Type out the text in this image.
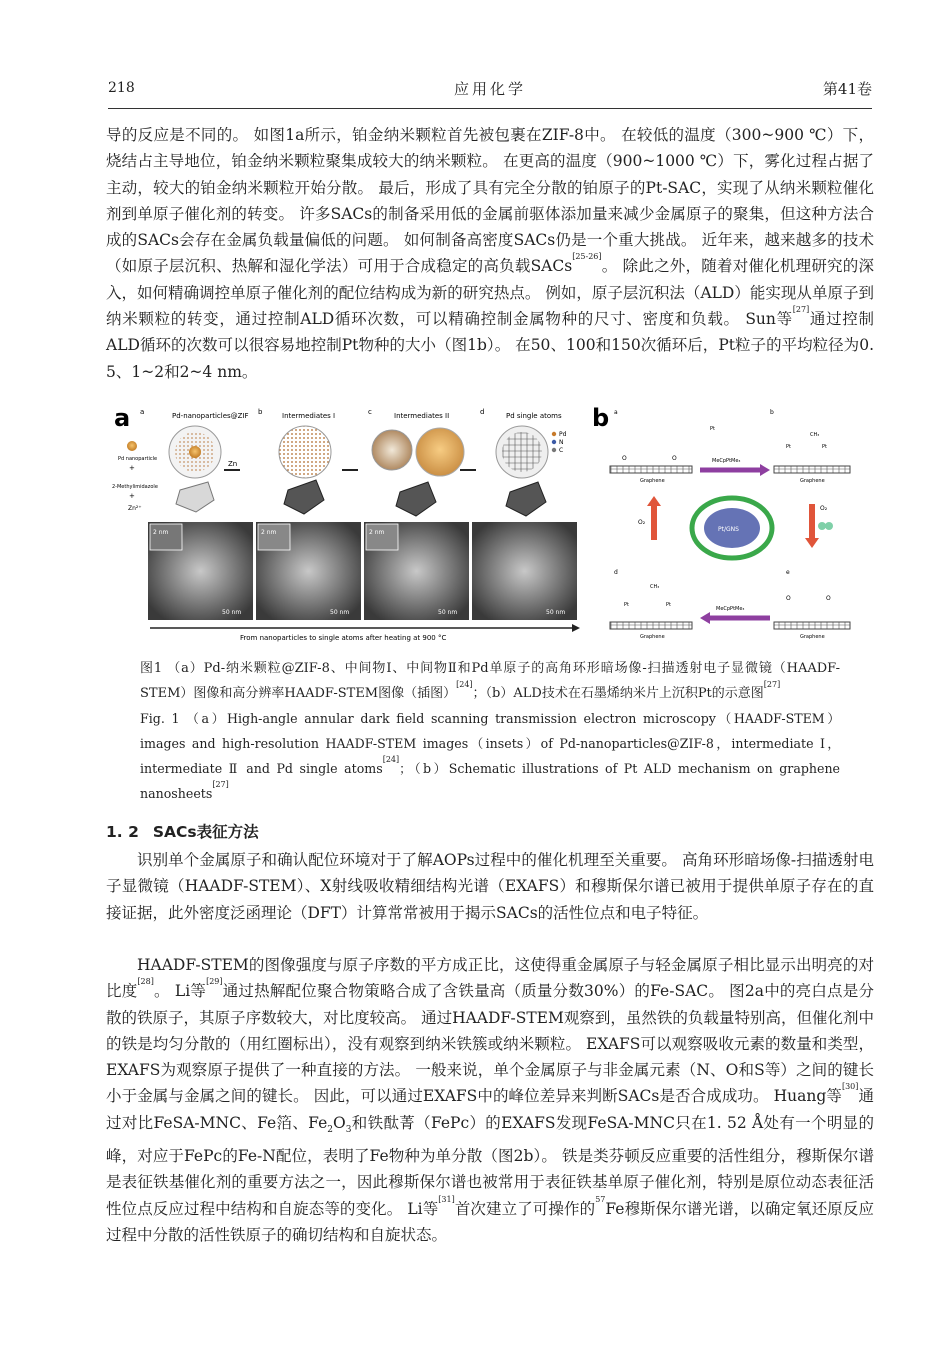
218	应用化学	第41卷

导的反应是不同的。 如图1a所示，铂金纳米颗粒首先被包裹在ZIF-8中。 在较低的温度（300~900 ℃）下，烧结占主导地位，铂金纳米颗粒聚集成较大的纳米颗粒。 在更高的温度（900~1000 ℃）下，雾化过程占据了主动，较大的铂金纳米颗粒开始分散。 最后，形成了具有完全分散的铂原子的Pt-SAC，实现了从纳米颗粒催化剂到单原子催化剂的转变。 许多SACs的制备采用低的金属前驱体添加量来减少金属原子的聚集，但这种方法合成的SACs会存在金属负载量偏低的问题。 如何制备高密度SACs仍是一个重大挑战。 近年来，越来越多的技术（如原子层沉积、热解和湿化学法）可用于合成稳定的高负载SACs[25-26]。 除此之外，随着对催化机理研究的深入，如何精确调控单原子催化剂的配位结构成为新的研究热点。 例如，原子层沉积法（ALD）能实现从单原子到纳米颗粒的转变，通过控制ALD循环次数，可以精确控制金属物种的尺寸、密度和负载。 Sun等[27]通过控制ALD循环的次数可以很容易地控制Pt物种的大小（图1b）。 在50、100和150次循环后，Pt粒子的平均粒径为0. 5、1~2和2~4 nm。

a a	Pd-nanoparticles@ZIF b	Intermediates I	c	Intermediates II	d	Pd single atoms
Pd nanoparticle
+
2-Methylimidazole
+
Zn²⁺
Zn
Pd
N
C
2 nm
50 nm
2 nm
50 nm
2 nm
50 nm	50 nm
From nanoparticles to single atoms after heating at 900 °C
b a	b
d	e
Graphene
O	O
Pt
MeCpPtMe₃
Graphene
Pt	Pt
CH₃
Pt/GNS
O₂
O₂
Graphene
Pt	Pt
CH₃
MeCpPtMe₃
Graphene
O	O

图1 （a）Pd-纳米颗粒@ZIF-8、中间物Ⅰ、中间物Ⅱ和Pd单原子的高角环形暗场像-扫描透射电子显微镜（HAADF-STEM）图像和高分辨率HAADF-STEM图像（插图）[24]；（b）ALD技术在石墨烯纳米片上沉积Pt的示意图[27]

Fig. 1 （a）High-angle annular dark field scanning transmission electron microscopy（HAADF-STEM）images and high-resolution HAADF-STEM images（insets）of Pd-nanoparticles@ZIF-8，intermediate Ⅰ，intermediate Ⅱ and Pd single atoms[24]；（b）Schematic illustrations of Pt ALD mechanism on graphene nanosheets[27]

1. 2 SACs表征方法

识别单个金属原子和确认配位环境对于了解AOPs过程中的催化机理至关重要。 高角环形暗场像-扫描透射电子显微镜（HAADF-STEM）、X射线吸收精细结构光谱（EXAFS）和穆斯保尔谱已被用于提供单原子存在的直接证据，此外密度泛函理论（DFT）计算常常被用于揭示SACs的活性位点和电子特征。

HAADF-STEM的图像强度与原子序数的平方成正比，这使得重金属原子与轻金属原子相比显示出明亮的对比度[28]。 Li等[29]通过热解配位聚合物策略合成了含铁量高（质量分数30%）的Fe-SAC。 图2a中的亮白点是分散的铁原子，其原子序数较大，对比度较高。 通过HAADF-STEM观察到，虽然铁的负载量特别高，但催化剂中的铁是均匀分散的（用红圈标出），没有观察到纳米铁簇或纳米颗粒。 EXAFS可以观察吸收元素的数量和类型，EXAFS为观察原子提供了一种直接的方法。 一般来说，单个金属原子与非金属元素（N、O和S等）之间的键长小于金属与金属之间的键长。 因此，可以通过EXAFS中的峰位差异来判断SACs是否合成成功。 Huang等[30]通过对比FeSA-MNC、Fe箔、$Fe_2O_3$和铁酞菁（FePc）的EXAFS发现FeSA-MNC只在1. 52 Å处有一个明显的峰，对应于FePc的Fe-N配位，表明了Fe物种为单分散（图2b）。 铁是类芬顿反应重要的活性组分，穆斯保尔谱是表征铁基催化剂的重要方法之一，因此穆斯保尔谱也被常用于表征铁基单原子催化剂，特别是原位动态表征活性位点反应过程中结构和自旋态等的变化。 Li等[31]首次建立了可操作的$^{57}$Fe穆斯保尔谱光谱，以确定氧还原反应过程中分散的活性铁原子的确切结构和自旋状态。
